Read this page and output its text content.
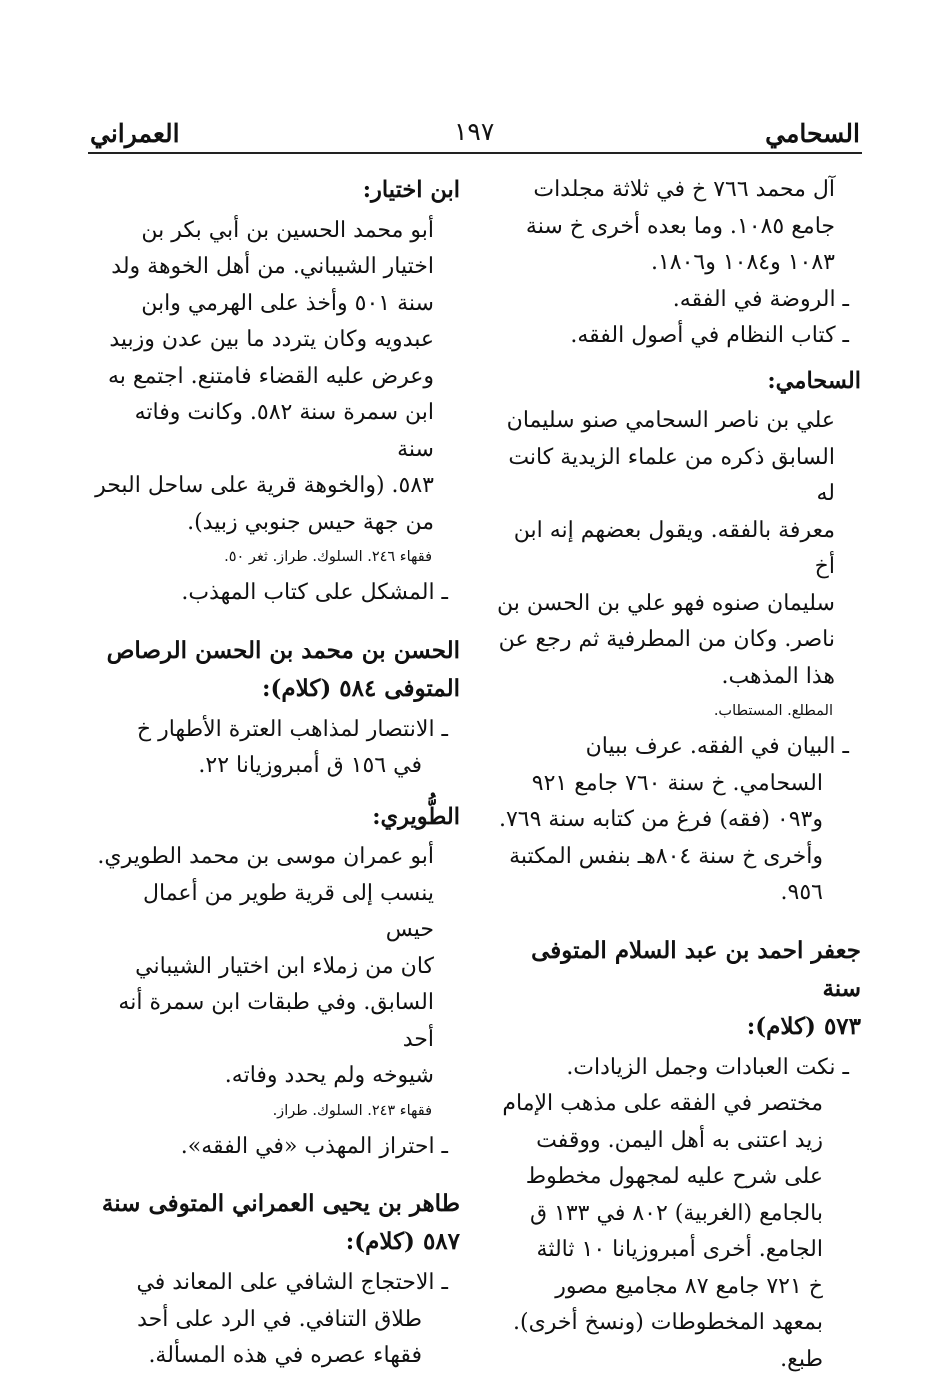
السحامي
١٩٧
العمراني
آل محمد ٧٦٦ خ في ثلاثة مجلدات
جامع ١٠٨٥. وما بعده أخرى خ سنة
١٠٨٣ و١٠٨٤ و١٨٠٦.
ـ الروضة في الفقه.
ـ كتاب النظام في أصول الفقه.
السحامي:
علي بن ناصر السحامي صنو سليمان
السابق ذكره من علماء الزيدية كانت له
معرفة بالفقه. ويقول بعضهم إنه ابن أخ
سليمان صنوه فهو علي بن الحسن بن
ناصر. وكان من المطرفية ثم رجع عن
هذا المذهب.
المطلع. المستطاب.
ـ البيان في الفقه. عرف ببيان
السحامي. خ سنة ٧٦٠ جامع ٩٢١
و٠٩٣ (فقه) فرغ من كتابه سنة ٧٦٩.
وأخرى خ سنة ٨٠٤هـ بنفس المكتبة
٩٥٦.
جعفر احمد بن عبد السلام المتوفى سنة
٥٧٣ (كلام):
ـ نكت العبادات وجمل الزيادات.
مختصر في الفقه على مذهب الإمام
زيد اعتنى به أهل اليمن. ووقفت
على شرح عليه لمجهول مخطوط
بالجامع (الغربية) ٨٠٢ في ١٣٣ ق
الجامع. أخرى أمبروزيانا ١٠ ثالثة
خ ٧٢١ جامع ٨٧ مجاميع مصور
بمعهد المخطوطات (ونسخ أخرى).
طبع.
ابن اختيار:
أبو محمد الحسين بن أبي بكر بن
اختيار الشيباني. من أهل الخوهة ولد
سنة ٥٠١ وأخذ على الهرمي وابن
عبدويه وكان يتردد ما بين عدن وزبيد
وعرض عليه القضاء فامتنع. اجتمع به
ابن سمرة سنة ٥٨٢. وكانت وفاته سنة
٥٨٣. (والخوهة قرية على ساحل البحر
من جهة حيس جنوبي زبيد).
فقهاء ٢٤٦. السلوك. طراز. ثغر ٥٠.
ـ المشكل على كتاب المهذب.
الحسن بن محمد بن الحسن الرصاص
المتوفى ٥٨٤ (كلام):
ـ الانتصار لمذاهب العترة الأطهار خ
في ١٥٦ ق أمبروزيانا ٢٢.
الطُّويري:
أبو عمران موسى بن محمد الطويري.
ينسب إلى قرية طوير من أعمال حيس
كان من زملاء ابن اختيار الشيباني
السابق. وفي طبقات ابن سمرة أنه أحد
شيوخه ولم يحدد وفاته.
فقهاء ٢٤٣. السلوك. طراز.
ـ احتراز المهذب «في الفقه».
طاهر بن يحيى العمراني المتوفى سنة
٥٨٧ (كلام):
ـ الاحتجاج الشافي على المعاند في
طلاق التنافي. في الرد على أحد
فقهاء عصره في هذه المسألة.
